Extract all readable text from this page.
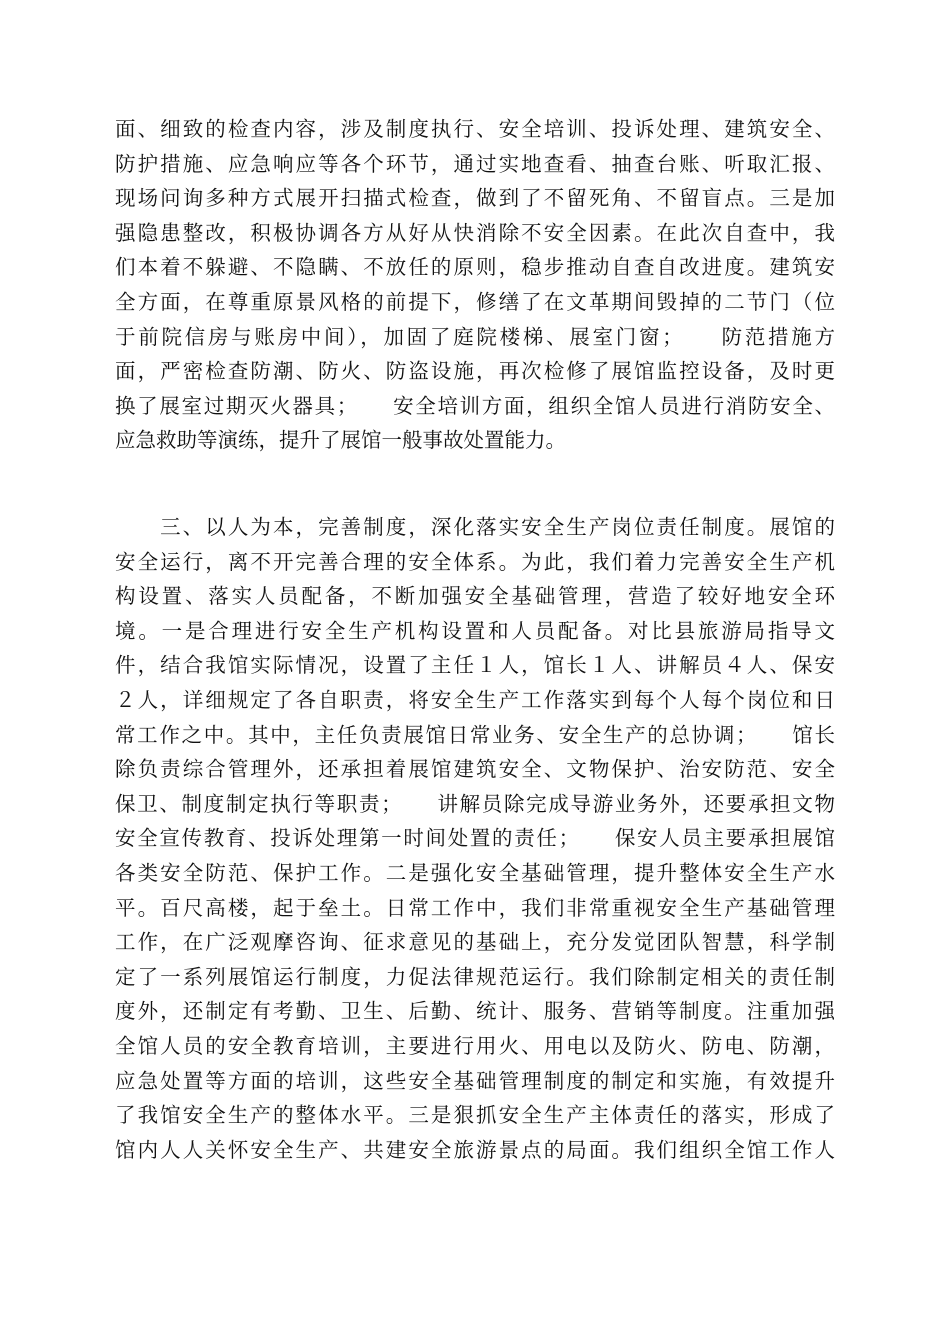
面、细致的检查内容，涉及制度执行、安全培训、投诉处理、建筑安全、
防护措施、应急响应等各个环节，通过实地查看、抽查台账、听取汇报、
现场问询多种方式展开扫描式检查，做到了不留死角、不留盲点。三是加
强隐患整改，积极协调各方从好从快消除不安全因素。在此次自查中，我
们本着不躲避、不隐瞒、不放任的原则，稳步推动自查自改进度。建筑安
全方面，在尊重原景风格的前提下，修缮了在文革期间毁掉的二节门（位
于前院信房与账房中间），加固了庭院楼梯、展室门窗；　　防范措施方
面，严密检查防潮、防火、防盗设施，再次检修了展馆监控设备，及时更
换了展室过期灭火器具；　　安全培训方面，组织全馆人员进行消防安全、
应急救助等演练，提升了展馆一般事故处置能力。
　　三、以人为本，完善制度，深化落实安全生产岗位责任制度。展馆的
安全运行，离不开完善合理的安全体系。为此，我们着力完善安全生产机
构设置、落实人员配备，不断加强安全基础管理，营造了较好地安全环
境。一是合理进行安全生产机构设置和人员配备。对比县旅游局指导文
件，结合我馆实际情况，设置了主任１人，馆长１人、讲解员４人、保安
２人，详细规定了各自职责，将安全生产工作落实到每个人每个岗位和日
常工作之中。其中，主任负责展馆日常业务、安全生产的总协调；　　馆长
除负责综合管理外，还承担着展馆建筑安全、文物保护、治安防范、安全
保卫、制度制定执行等职责；　　讲解员除完成导游业务外，还要承担文物
安全宣传教育、投诉处理第一时间处置的责任；　　保安人员主要承担展馆
各类安全防范、保护工作。二是强化安全基础管理，提升整体安全生产水
平。百尺高楼，起于垒土。日常工作中，我们非常重视安全生产基础管理
工作，在广泛观摩咨询、征求意见的基础上，充分发觉团队智慧，科学制
定了一系列展馆运行制度，力促法律规范运行。我们除制定相关的责任制
度外，还制定有考勤、卫生、后勤、统计、服务、营销等制度。注重加强
全馆人员的安全教育培训，主要进行用火、用电以及防火、防电、防潮，
应急处置等方面的培训，这些安全基础管理制度的制定和实施，有效提升
了我馆安全生产的整体水平。三是狠抓安全生产主体责任的落实，形成了
馆内人人关怀安全生产、共建安全旅游景点的局面。我们组织全馆工作人
